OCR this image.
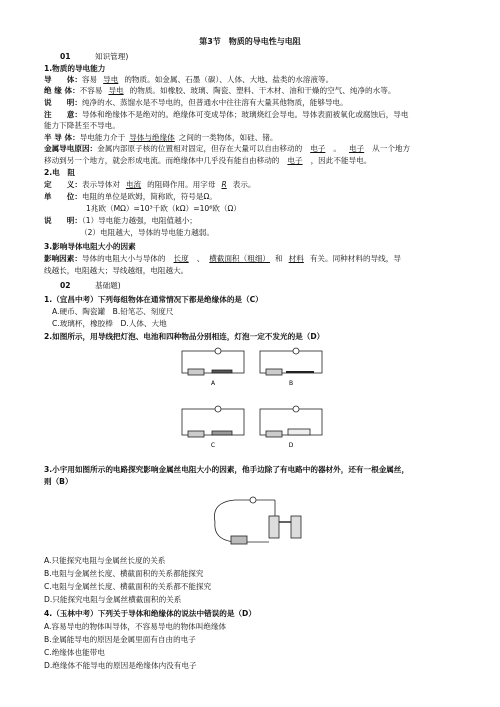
第3节　物质的导电性与电阻
01	知识管理)
1.物质的导电能力
导　　体：容易 导电 的物质。如金属、石墨（碳）、人体、大地、盐类的水溶液等。
绝 缘 体：不容易 导电 的物质。如橡胶、玻璃、陶瓷、塑料、干木材、油和干燥的空气、纯净的水等。
说　　明：纯净的水、蒸馏水是不导电的，但普通水中往往溶有大量其他物质，能够导电。
注　　意：导体和绝缘体不是绝对的。绝缘体可变成导体；玻璃烧红会导电。导体表面被氧化或腐蚀后，导电
能力下降甚至不导电。
半 导 体：导电能力介于 导体与绝缘体 之间的一类物体，如硅、锗。
金属导电原因：金属内部原子核的位置相对固定，但存在大量可以自由移动的 电子 。 电子 从一个地方
移动到另一个地方，就会形成电流。而绝缘体中几乎没有能自由移动的 电子 ，因此不能导电。
2.电　阻
定　　义：表示导体对 电流 的阻碍作用。用字母 R 表示。
单　　位：电阻的单位是欧姆，简称欧，符号是Ω。
1兆欧（MΩ）=10³千欧（kΩ）=10⁶欧（Ω）
说　　明：（1）导电能力越强，电阻值越小；
（2）电阻越大，导体的导电能力越弱。
3.影响导体电阻大小的因素
影响因素：导体的电阻大小与导体的 长度 、 横截面积（粗细） 和 材料 有关。同种材料的导线，导
线越长，电阻越大；导线越细，电阻越大。
02	基础题)
1.（宜昌中考）下列每组物体在通常情况下都是绝缘体的是（C）
A.硬币、陶瓷罐　B.铅笔芯、刻度尺
C.玻璃杯，橡胶棒　D.人体、大地
2.如图所示，用导线把灯泡、电池和四种物品分别相连，灯泡一定不发光的是（D）
A	B
C	D
3.小宇用如图所示的电路探究影响金属丝电阻大小的因素，他手边除了有电路中的器材外，还有一根金属丝，
则（B）
A.只能探究电阻与金属丝长度的关系
B.电阻与金属丝长度、横截面积的关系都能探究
C.电阻与金属丝长度、横截面积的关系都不能探究
D.只能探究电阻与金属丝横截面积的关系
4.（玉林中考）下列关于导体和绝缘体的说法中错误的是（D）
A.容易导电的物体叫导体，不容易导电的物体叫绝缘体
B.金属能导电的原因是金属里面有自由的电子
C.绝缘体也能带电
D.绝缘体不能导电的原因是绝缘体内没有电子
